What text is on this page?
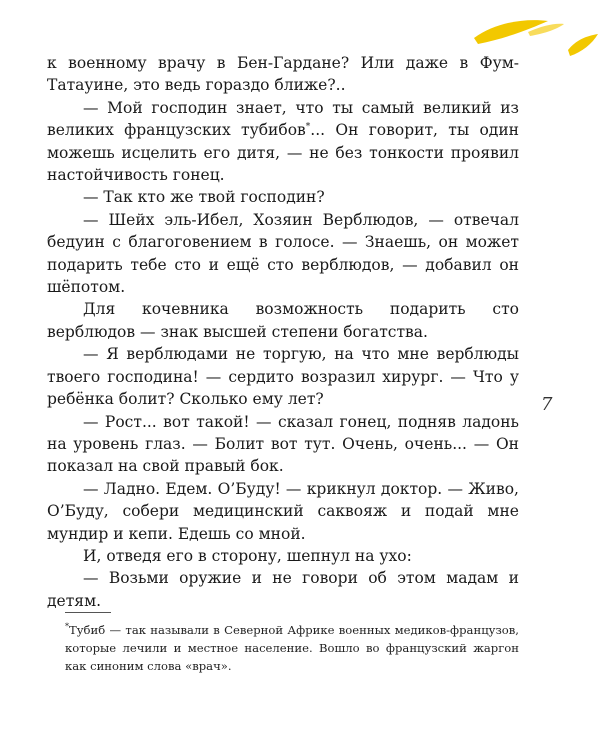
к военному врачу в Бен-Гардане? Или даже в Фум-Татауине, это ведь гораздо ближе?..

— Мой господин знает, что ты самый великий из великих французских тубибов*... Он говорит, ты один можешь исцелить его дитя, — не без тонкости проявил настойчивость гонец.

— Так кто же твой господин?

— Шейх эль-Ибел, Хозяин Верблюдов, — отвечал бедуин с благоговением в голосе. — Знаешь, он может подарить тебе сто и ещё сто верблюдов, — добавил он шёпотом.

Для кочевника возможность подарить сто верблюдов — знак высшей степени богатства.

— Я верблюдами не торгую, на что мне верблюды твоего господина! — сердито возразил хирург. — Что у ребёнка болит? Сколько ему лет?

— Рост... вот такой! — сказал гонец, подняв ладонь на уровень глаз. — Болит вот тут. Очень, очень... — Он показал на свой правый бок.

— Ладно. Едем. О’Буду! — крикнул доктор. — Живо, О’Буду, собери медицинский саквояж и подай мне мундир и кепи. Едешь со мной.

И, отведя его в сторону, шепнул на ухо:

— Возьми оружие и не говори об этом мадам и детям.

7
*Тубиб — так называли в Северной Африке военных медиков-французов, которые лечили и местное население. Вошло во французский жаргон как синоним слова «врач».
